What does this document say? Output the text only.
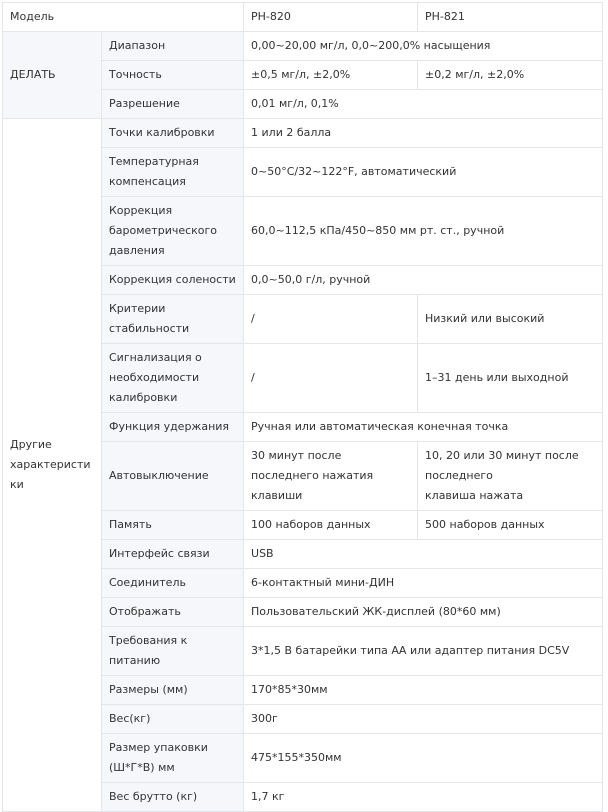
Модель		PH-820	PH-821
ДЕЛАТЬ	Диапазон	0,00~20,00 мг/л, 0,0~200,0% насыщения	
	Точность	±0,5 мг/л, ±2,0%	±0,2 мг/л, ±2,0%
	Разрешение	0,01 мг/л, 0,1%	
Другие характеристики	Точки калибровки	1 или 2 балла	
	Температурная компенсация	0~50°C/32~122°F, автоматический	
	Коррекция барометрического давления	60,0~112,5 кПа/450~850 мм рт. ст., ручной	
	Коррекция солености	0,0~50,0 г/л, ручной	
	Критерии стабильности	/	Низкий или высокий
	Сигнализация о необходимости калибровки	/	1–31 день или выходной
	Функция удержания	Ручная или автоматическая конечная точка	
	Автовыключение	30 минут после последнего нажатия клавиши	10, 20 или 30 минут после последнего
клавиша нажата
	Память	100 наборов данных	500 наборов данных
	Интерфейс связи	USB	
	Соединитель	6-контактный мини-ДИН	
	Отображать	Пользовательский ЖК-дисплей (80*60 мм)	
	Требования к питанию	3*1,5 В батарейки типа АА или адаптер питания DC5V	
	Размеры (мм)	170*85*30мм	
	Вес(кг)	300г	
	Размер упаковки (Ш*Г*В) мм	475*155*350мм	
	Вес брутто (кг)	1,7 кг	
